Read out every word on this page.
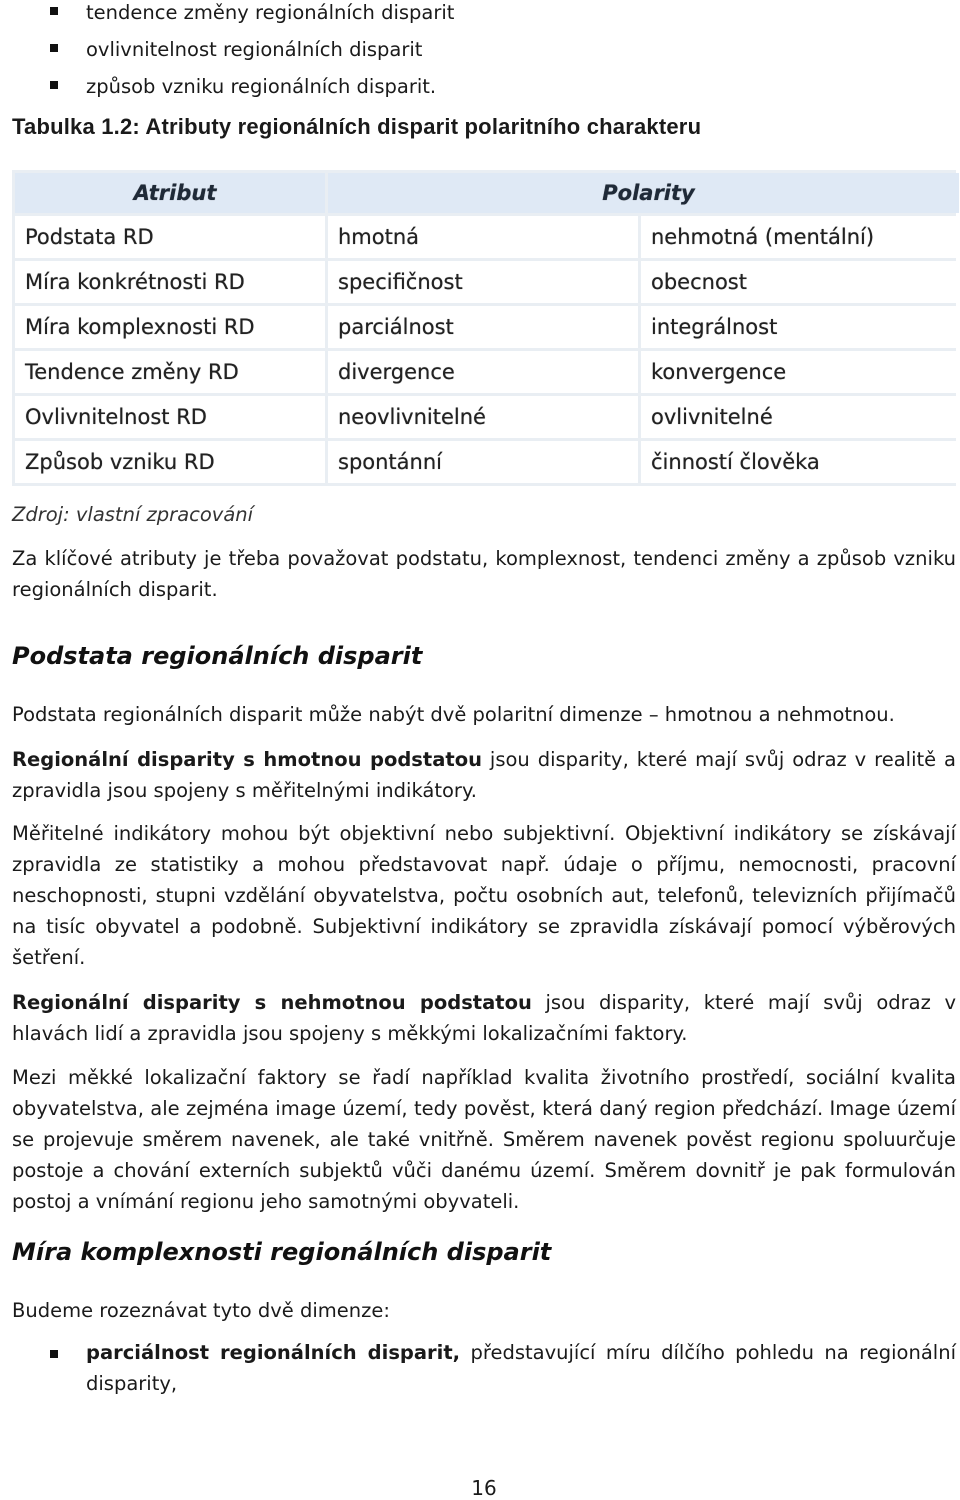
tendence změny regionálních disparit
ovlivnitelnost regionálních disparit
způsob vzniku regionálních disparit.
Tabulka 1.2: Atributy regionálních disparit polaritního charakteru
Atribut	Polarity	
Podstata RD	hmotná	nehmotná (mentální)
Míra konkrétnosti RD	specifičnost	obecnost
Míra komplexnosti RD	parciálnost	integrálnost
Tendence změny RD	divergence	konvergence
Ovlivnitelnost RD	neovlivnitelné	ovlivnitelné
Způsob vzniku RD	spontánní	činností člověka
Zdroj: vlastní zpracování

Za klíčové atributy je třeba považovat podstatu, komplexnost, tendenci změny a způsob vzniku regionálních disparit.

Podstata regionálních disparit

Podstata regionálních disparit může nabýt dvě polaritní dimenze – hmotnou a nehmotnou.

Regionální disparity s hmotnou podstatou jsou disparity, které mají svůj odraz v realitě a zpravidla jsou spojeny s měřitelnými indikátory.

Měřitelné indikátory mohou být objektivní nebo subjektivní. Objektivní indikátory se získávají zpravidla ze statistiky a mohou představovat např. údaje o příjmu, nemocnosti, pracovní neschopnosti, stupni vzdělání obyvatelstva, počtu osobních aut, telefonů, televizních přijímačů na tisíc obyvatel a podobně. Subjektivní indikátory se zpravidla získávají pomocí výběrových šetření.

Regionální disparity s nehmotnou podstatou jsou disparity, které mají svůj odraz v hlavách lidí a zpravidla jsou spojeny s měkkými lokalizačními faktory.

Mezi měkké lokalizační faktory se řadí například kvalita životního prostředí, sociální kvalita obyvatelstva, ale zejména image území, tedy pověst, která daný region předchází. Image území se projevuje směrem navenek, ale také vnitřně. Směrem navenek pověst regionu spoluurčuje postoje a chování externích subjektů vůči danému území. Směrem dovnitř je pak formulován postoj a vnímání regionu jeho samotnými obyvateli.

Míra komplexnosti regionálních disparit

Budeme rozeznávat tyto dvě dimenze:

parciálnost regionálních disparit, představující míru dílčího pohledu na regionální disparity,
16
